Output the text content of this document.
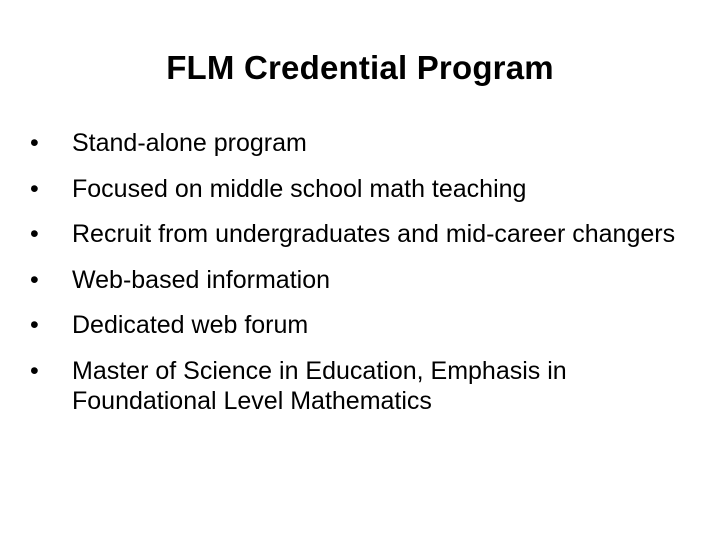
FLM Credential Program
•	Stand-alone program
•	Focused on middle school math teaching
•	Recruit from undergraduates and mid-career changers
•	Web-based information
•	Dedicated web forum
•	Master of Science in Education, Emphasis in Foundational Level Mathematics
